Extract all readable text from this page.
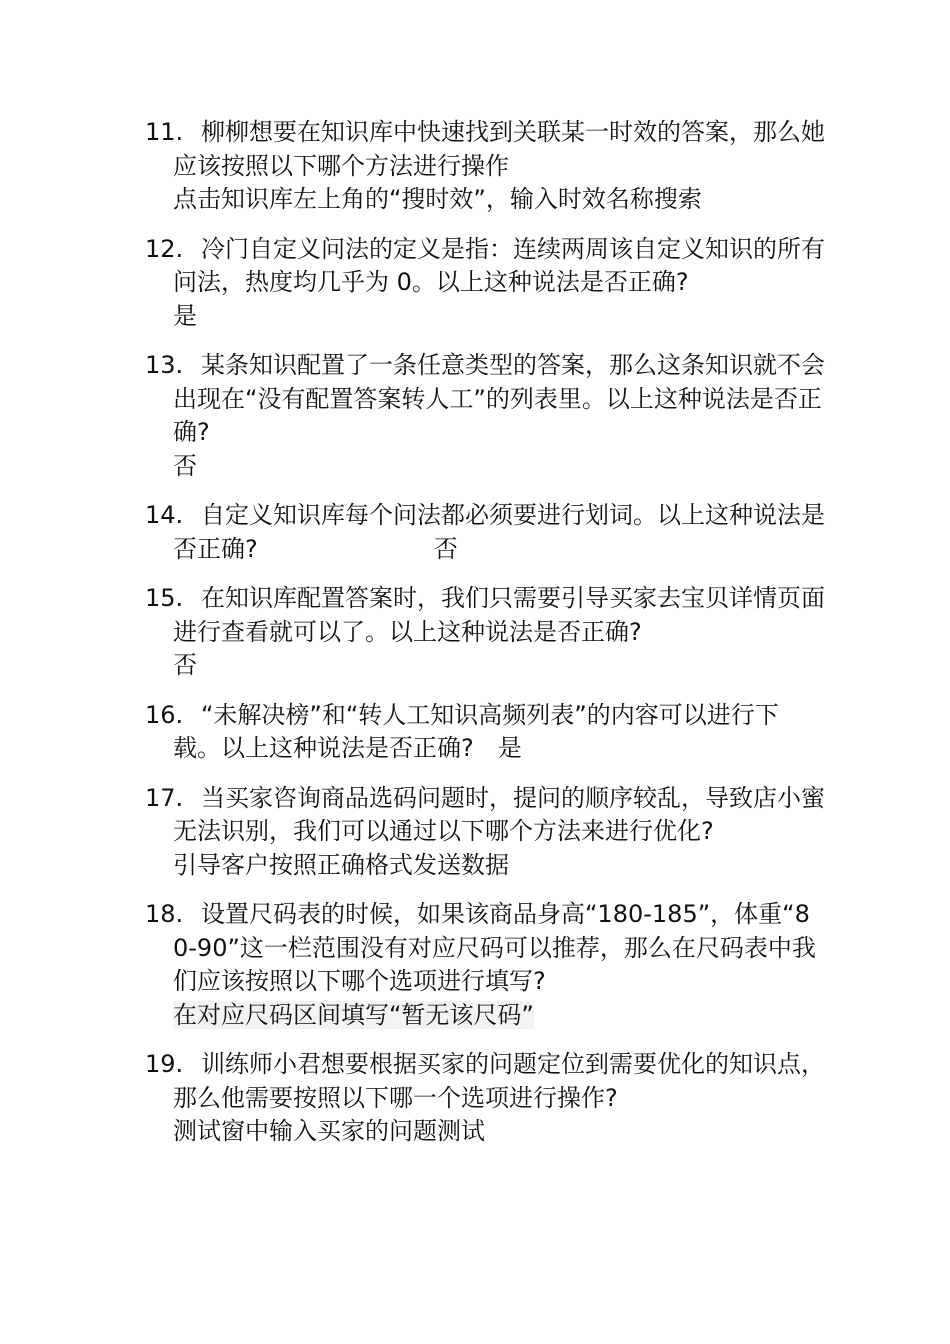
11. 柳柳想要在知识库中快速找到关联某一时效的答案，那么她应该按照以下哪个方法进行操作
点击知识库左上角的“搜时效”，输入时效名称搜索
12. 冷门自定义问法的定义是指：连续两周该自定义知识的所有问法，热度均几乎为 0。以上这种说法是否正确?
是
13. 某条知识配置了一条任意类型的答案，那么这条知识就不会出现在“没有配置答案转人工”的列表里。以上这种说法是否正确?
否
14. 自定义知识库每个问法都必须要进行划词。以上这种说法是否正确?	否
15. 在知识库配置答案时，我们只需要引导买家去宝贝详情页面进行查看就可以了。以上这种说法是否正确?
否
16. “未解决榜”和“转人工知识高频列表”的内容可以进行下载。以上这种说法是否正确? 是
17. 当买家咨询商品选码问题时，提问的顺序较乱，导致店小蜜无法识别，我们可以通过以下哪个方法来进行优化?
引导客户按照正确格式发送数据
18. 设置尺码表的时候，如果该商品身高“180-185”，体重“80-90”这一栏范围没有对应尺码可以推荐，那么在尺码表中我们应该按照以下哪个选项进行填写?
在对应尺码区间填写“暂无该尺码”
19. 训练师小君想要根据买家的问题定位到需要优化的知识点，那么他需要按照以下哪一个选项进行操作?
测试窗中输入买家的问题测试
